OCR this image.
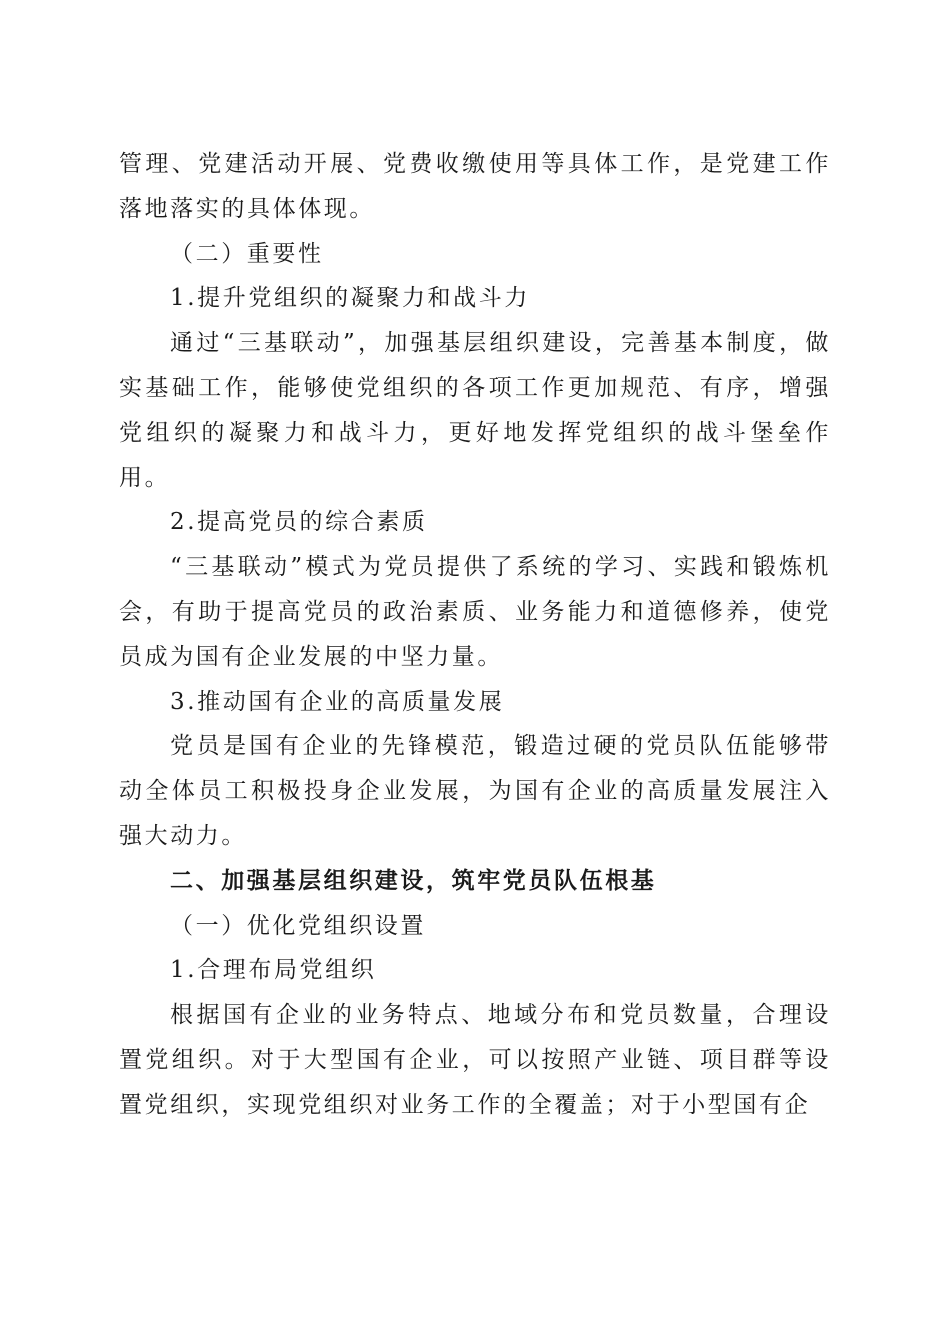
管理、党建活动开展、党费收缴使用等具体工作，是党建工作落地落实的具体体现。

（二）重要性

1.提升党组织的凝聚力和战斗力

通过“三基联动”，加强基层组织建设，完善基本制度，做实基础工作，能够使党组织的各项工作更加规范、有序，增强党组织的凝聚力和战斗力，更好地发挥党组织的战斗堡垒作用。

2.提高党员的综合素质

“三基联动”模式为党员提供了系统的学习、实践和锻炼机会，有助于提高党员的政治素质、业务能力和道德修养，使党员成为国有企业发展的中坚力量。

3.推动国有企业的高质量发展

党员是国有企业的先锋模范，锻造过硬的党员队伍能够带动全体员工积极投身企业发展，为国有企业的高质量发展注入强大动力。

二、加强基层组织建设，筑牢党员队伍根基

（一）优化党组织设置

1.合理布局党组织

根据国有企业的业务特点、地域分布和党员数量，合理设置党组织。对于大型国有企业，可以按照产业链、项目群等设置党组织，实现党组织对业务工作的全覆盖；对于小型国有企
